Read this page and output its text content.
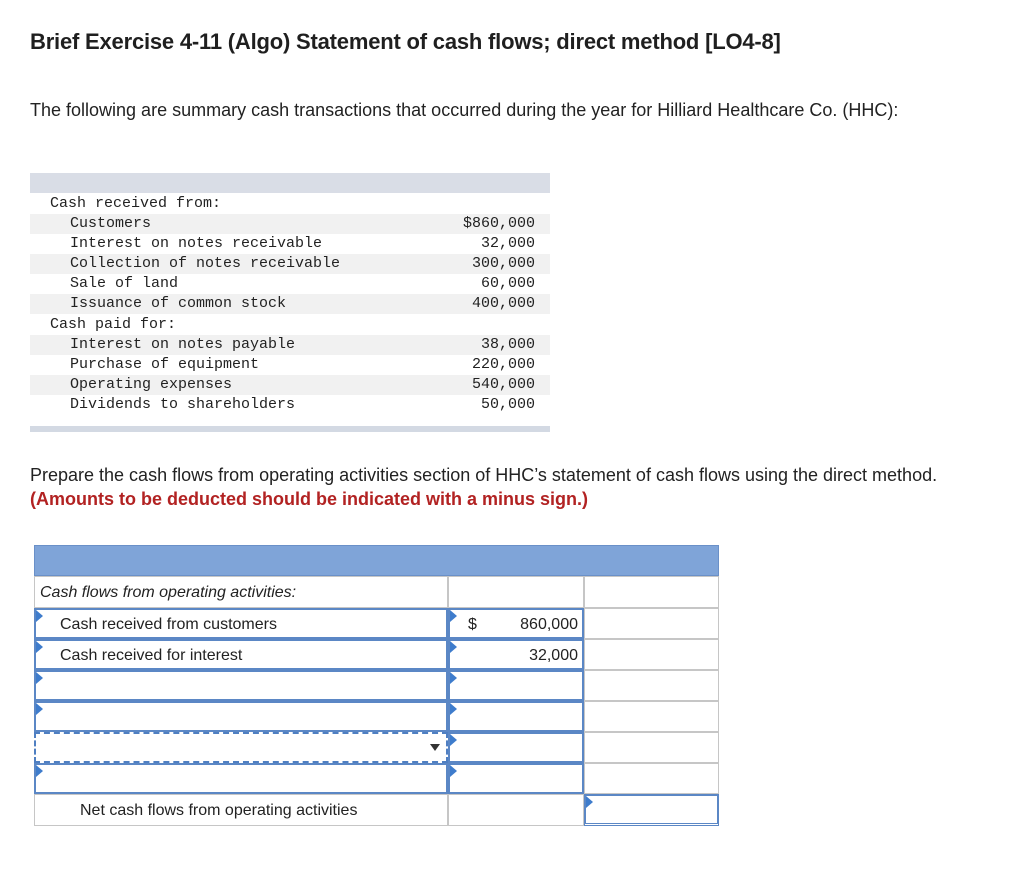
Brief Exercise 4-11 (Algo) Statement of cash flows; direct method [LO4-8]
The following are summary cash transactions that occurred during the year for Hilliard Healthcare Co. (HHC):
Cash received from:
Customers	$860,000
Interest on notes receivable	32,000
Collection of notes receivable	300,000
Sale of land	60,000
Issuance of common stock	400,000
Cash paid for:
Interest on notes payable	38,000
Purchase of equipment	220,000
Operating expenses	540,000
Dividends to shareholders	50,000
Prepare the cash flows from operating activities section of HHC’s statement of cash flows using the direct method. (Amounts to be deducted should be indicated with a minus sign.)
Cash flows from operating activities:
Cash received from customers	$	860,000
Cash received for interest	32,000
Net cash flows from operating activities
